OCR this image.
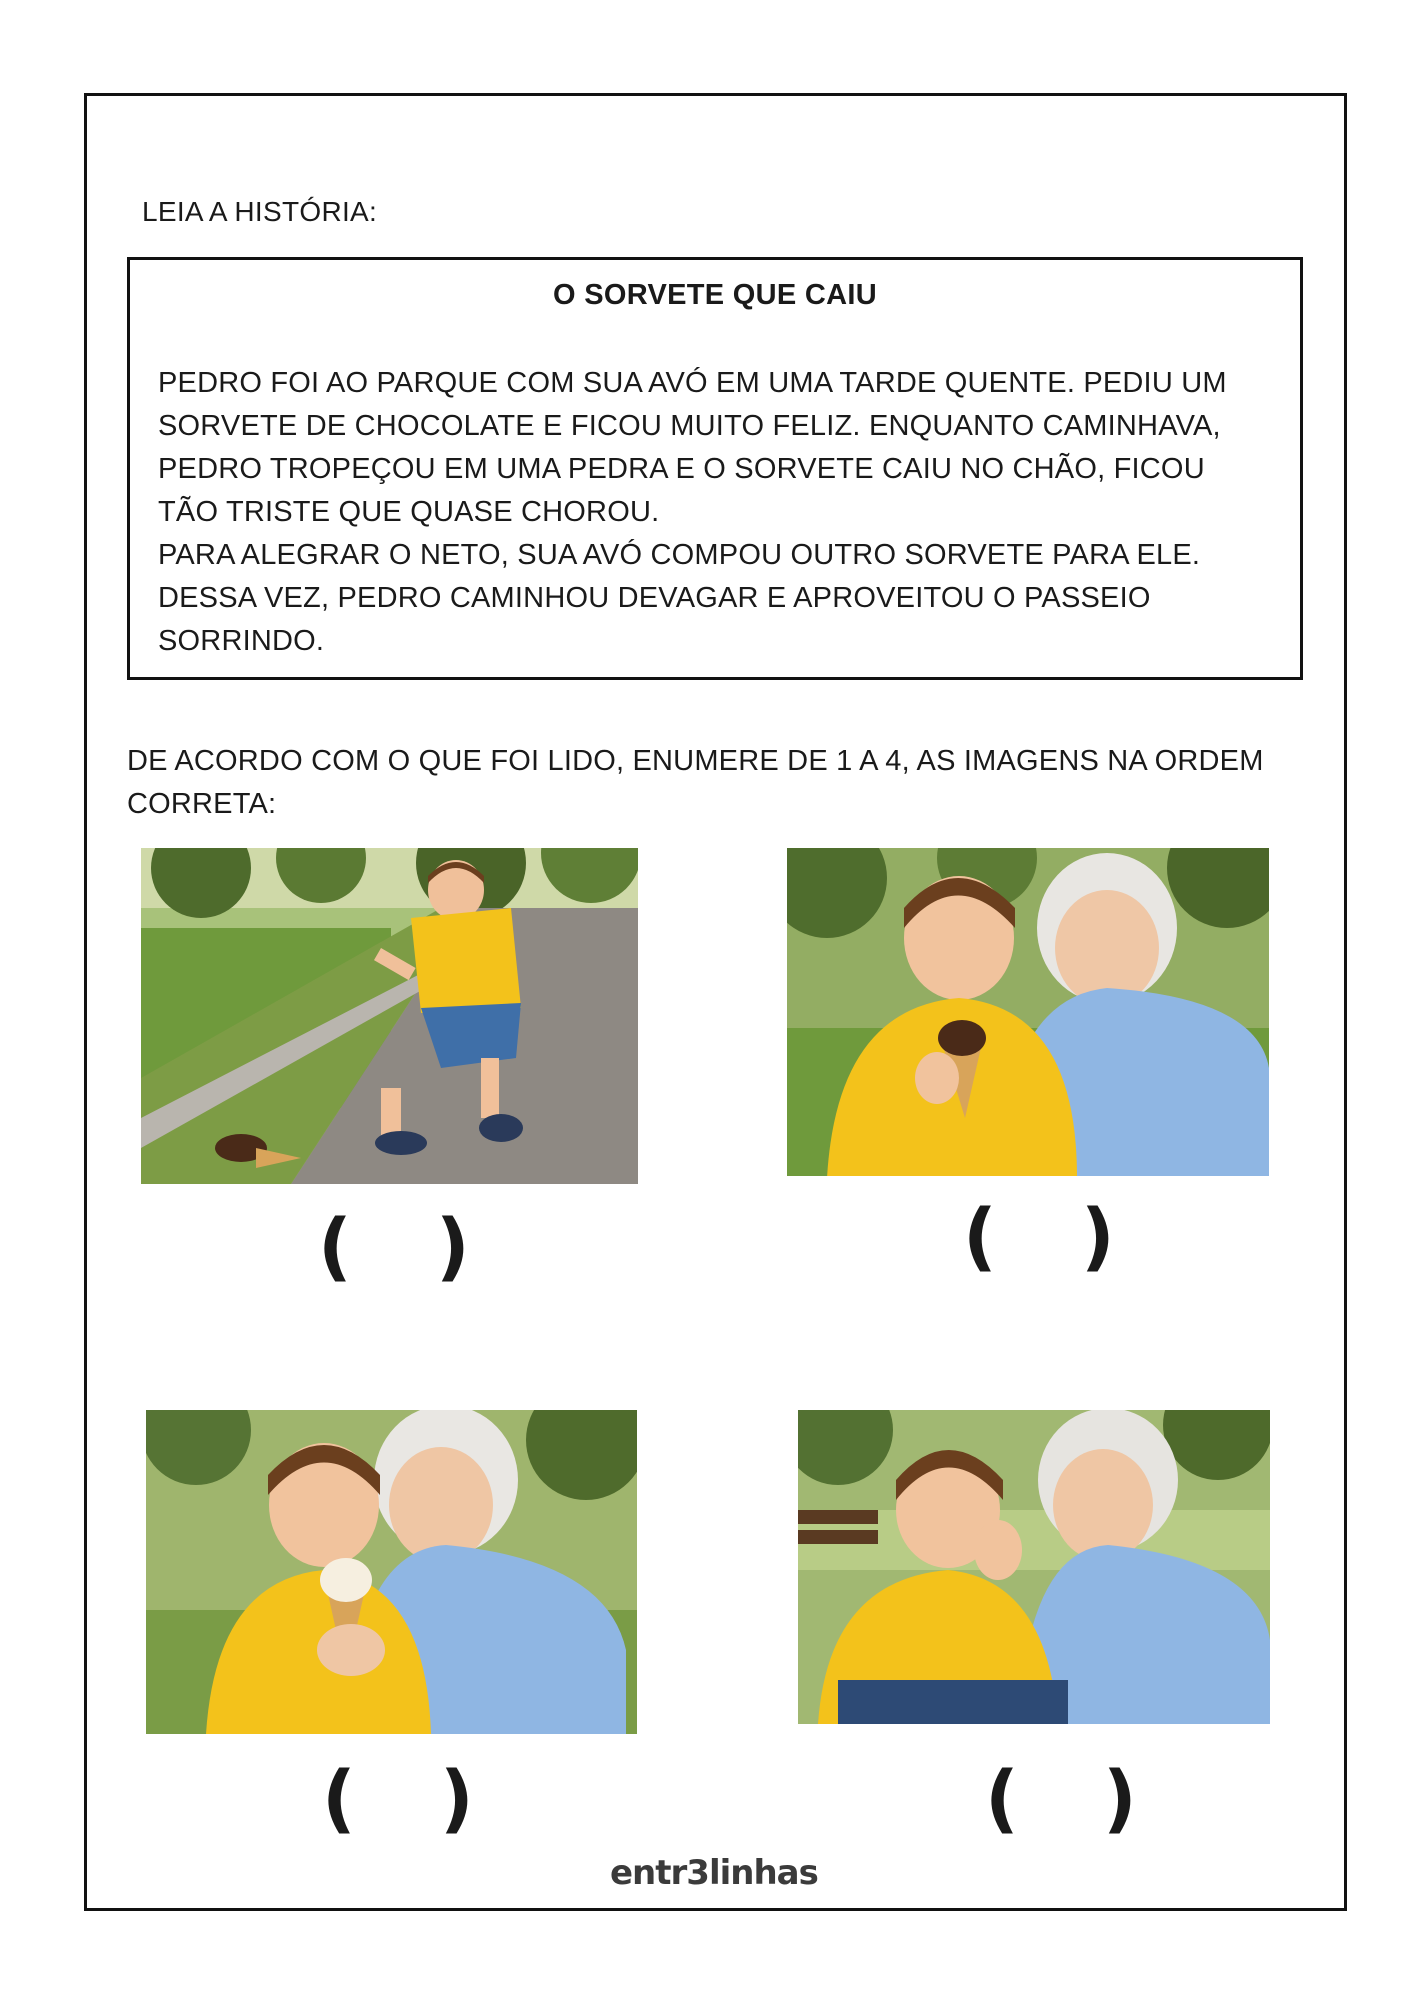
LEIA A HISTÓRIA:
O SORVETE QUE CAIU

PEDRO FOI AO PARQUE COM SUA AVÓ EM UMA TARDE QUENTE. PEDIU UM SORVETE DE CHOCOLATE E FICOU MUITO FELIZ. ENQUANTO CAMINHAVA, PEDRO TROPEÇOU EM UMA PEDRA E O SORVETE CAIU NO CHÃO, FICOU TÃO TRISTE QUE QUASE CHOROU.

PARA ALEGRAR O NETO, SUA AVÓ COMPOU OUTRO SORVETE PARA ELE. DESSA VEZ, PEDRO CAMINHOU DEVAGAR E APROVEITOU O PASSEIO SORRINDO.

DE ACORDO COM O QUE FOI LIDO, ENUMERE DE 1 A 4, AS IMAGENS NA ORDEM CORRETA:
( )	( )
( )	( )
entr3linhas
